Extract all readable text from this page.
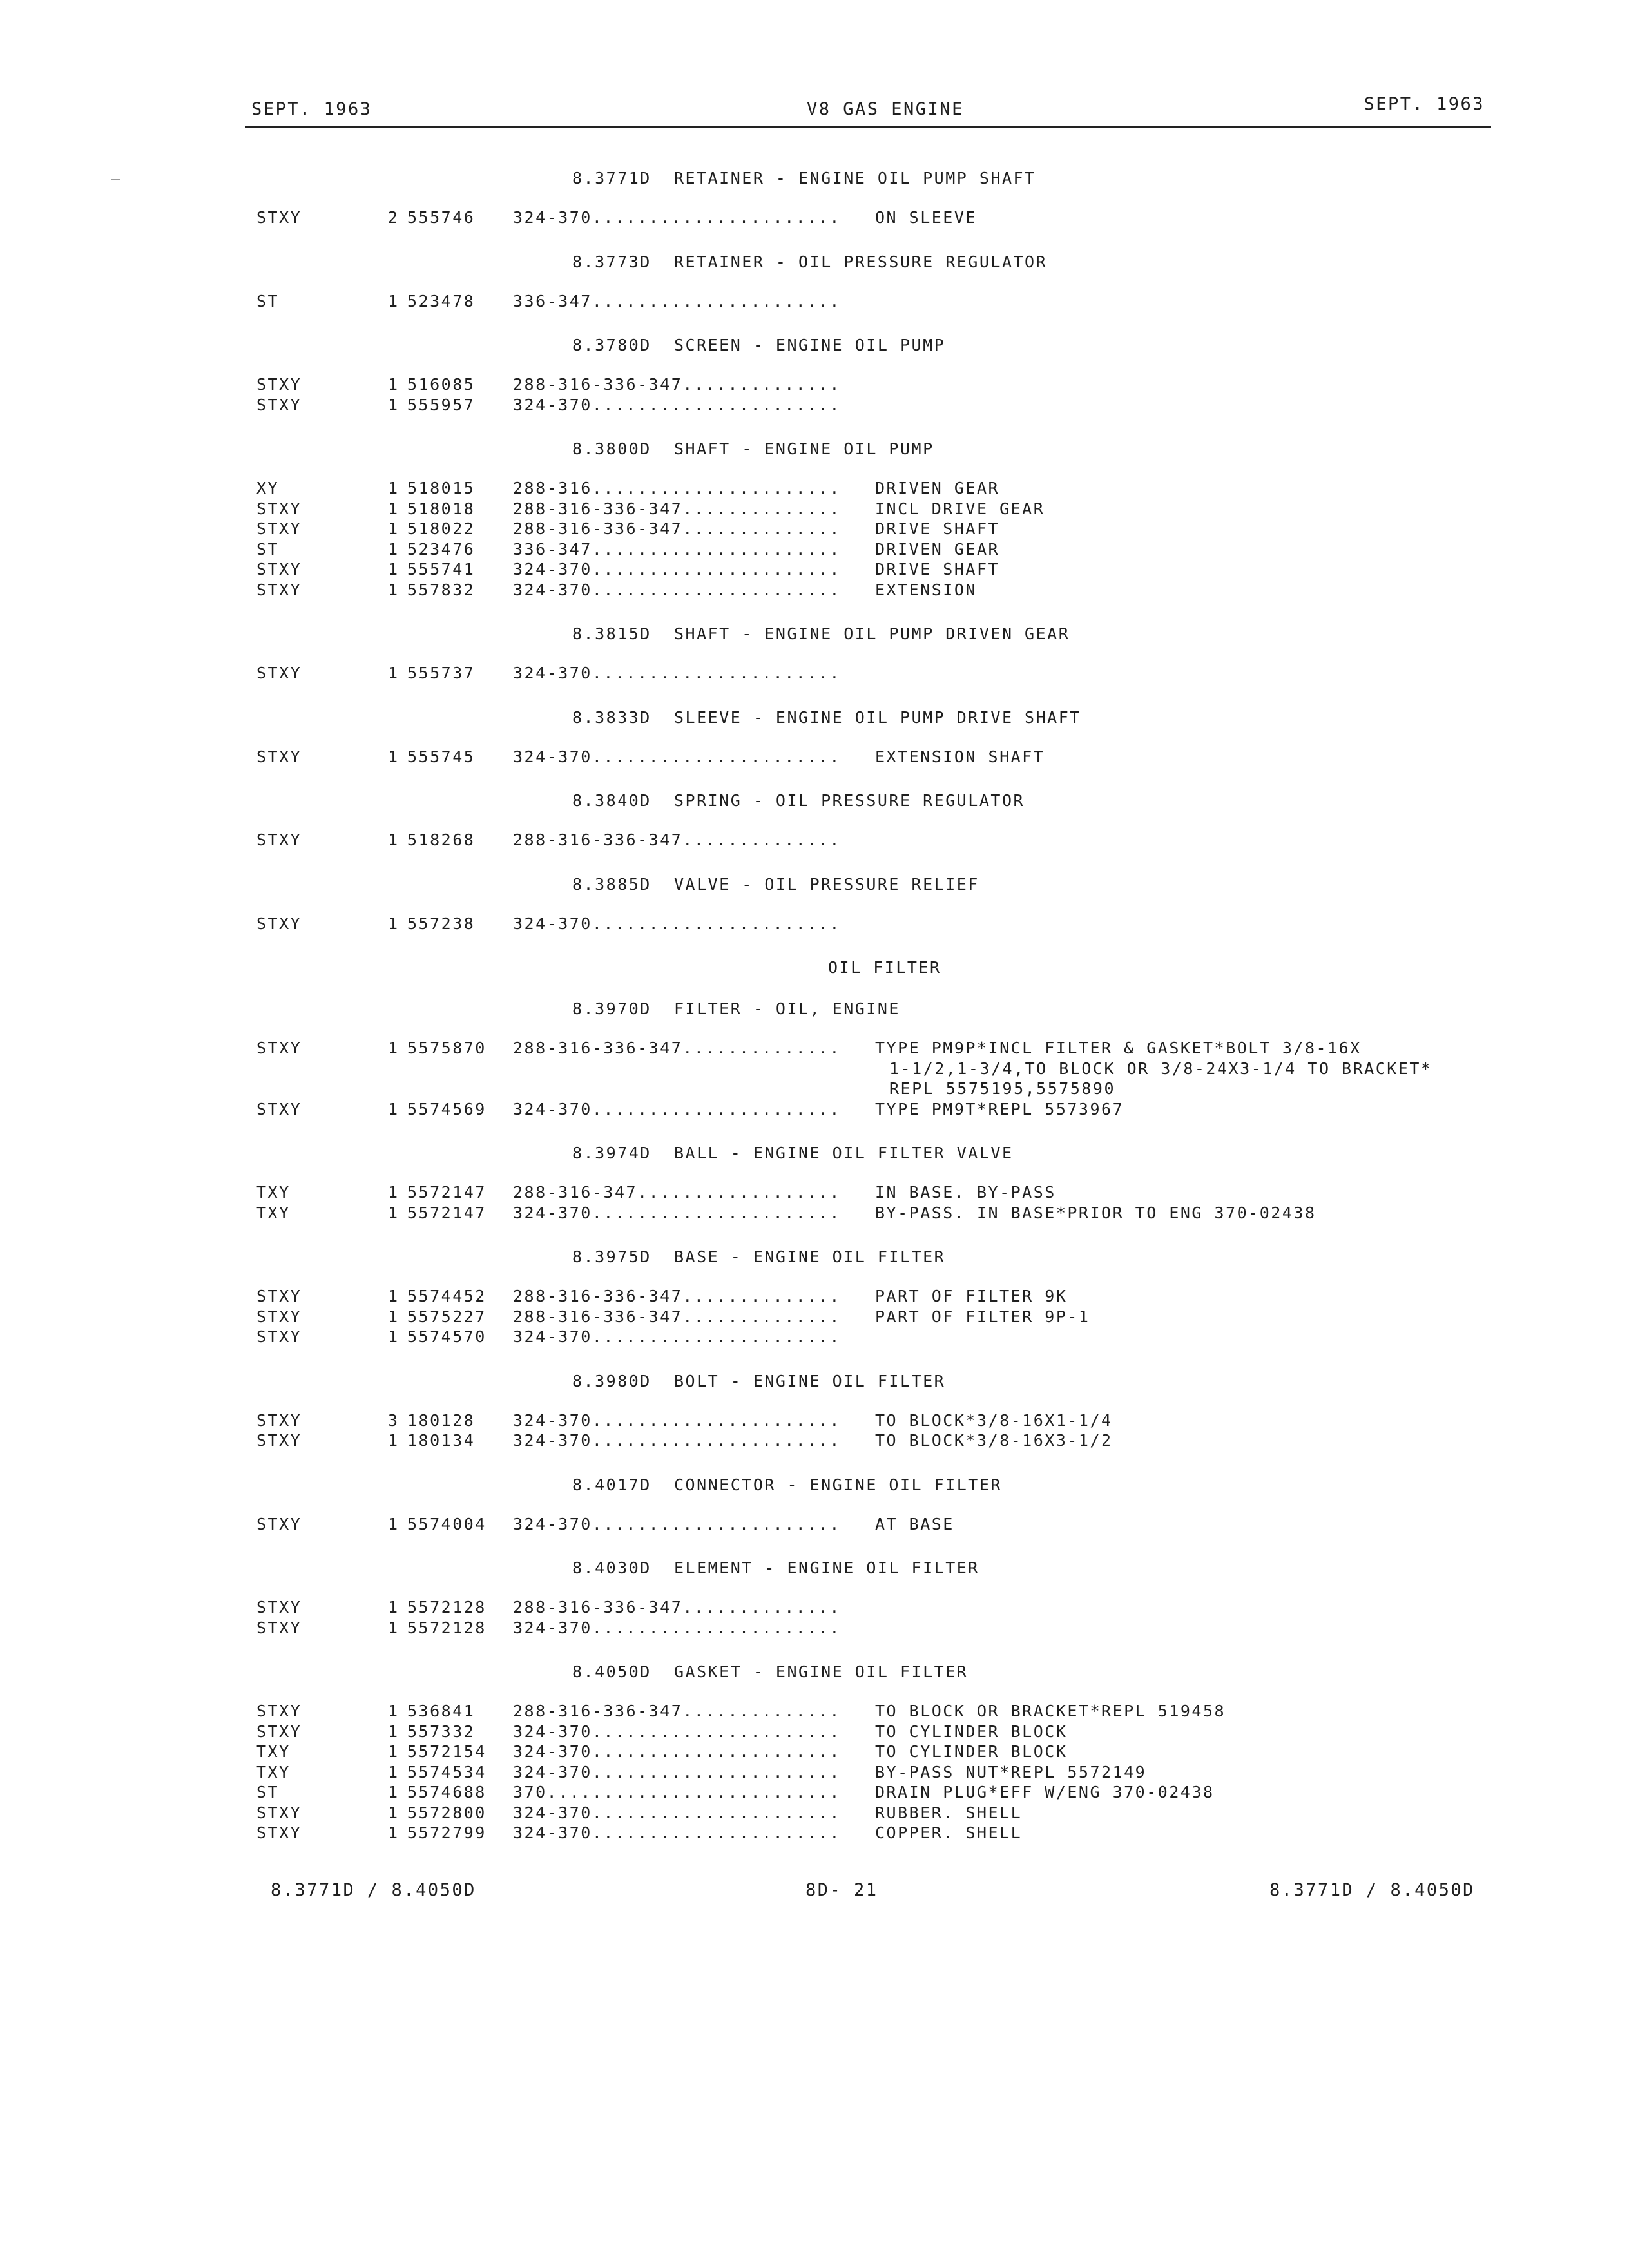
SEPT. 1963	V8 GAS ENGINE	SEPT. 1963
8.3771D  RETAINER - ENGINE OIL PUMP SHAFT
STXY	2 555746 324-370...................... ON SLEEVE
8.3773D  RETAINER - OIL PRESSURE REGULATOR
ST	1 523478 336-347......................
8.3780D  SCREEN - ENGINE OIL PUMP
STXY	1 516085 288-316-336-347..............
STXY	1 555957 324-370......................
8.3800D  SHAFT - ENGINE OIL PUMP
XY	1 518015 288-316...................... DRIVEN GEAR
STXY	1 518018 288-316-336-347.............. INCL DRIVE GEAR
STXY	1 518022 288-316-336-347.............. DRIVE SHAFT
ST	1 523476 336-347...................... DRIVEN GEAR
STXY	1 555741 324-370...................... DRIVE SHAFT
STXY	1 557832 324-370...................... EXTENSION
8.3815D  SHAFT - ENGINE OIL PUMP DRIVEN GEAR
STXY	1 555737 324-370......................
8.3833D  SLEEVE - ENGINE OIL PUMP DRIVE SHAFT
STXY	1 555745 324-370...................... EXTENSION SHAFT
8.3840D  SPRING - OIL PRESSURE REGULATOR
STXY	1 518268 288-316-336-347..............
8.3885D  VALVE - OIL PRESSURE RELIEF
STXY	1 557238 324-370......................
OIL FILTER
8.3970D  FILTER - OIL, ENGINE
STXY	1 5575870 288-316-336-347.............. TYPE PM9P*INCL FILTER & GASKET*BOLT 3/8-16X
1-1/2,1-3/4,TO BLOCK OR 3/8-24X3-1/4 TO BRACKET*
REPL 5575195,5575890
STXY	1 5574569 324-370...................... TYPE PM9T*REPL 5573967
8.3974D  BALL - ENGINE OIL FILTER VALVE
TXY	1 5572147 288-316-347.................. IN BASE. BY-PASS
TXY	1 5572147 324-370...................... BY-PASS. IN BASE*PRIOR TO ENG 370-02438
8.3975D  BASE - ENGINE OIL FILTER
STXY	1 5574452 288-316-336-347.............. PART OF FILTER 9K
STXY	1 5575227 288-316-336-347.............. PART OF FILTER 9P-1
STXY	1 5574570 324-370......................
8.3980D  BOLT - ENGINE OIL FILTER
STXY	3 180128 324-370...................... TO BLOCK*3/8-16X1-1/4
STXY	1 180134 324-370...................... TO BLOCK*3/8-16X3-1/2
8.4017D  CONNECTOR - ENGINE OIL FILTER
STXY	1 5574004 324-370...................... AT BASE
8.4030D  ELEMENT - ENGINE OIL FILTER
STXY	1 5572128 288-316-336-347..............
STXY	1 5572128 324-370......................
8.4050D  GASKET - ENGINE OIL FILTER
STXY	1 536841 288-316-336-347.............. TO BLOCK OR BRACKET*REPL 519458
STXY	1 557332 324-370...................... TO CYLINDER BLOCK
TXY	1 5572154 324-370...................... TO CYLINDER BLOCK
TXY	1 5574534 324-370...................... BY-PASS NUT*REPL 5572149
ST	1 5574688 370.......................... DRAIN PLUG*EFF W/ENG 370-02438
STXY	1 5572800 324-370...................... RUBBER. SHELL
STXY	1 5572799 324-370...................... COPPER. SHELL
8.3771D / 8.4050D	8D- 21	8.3771D / 8.4050D
